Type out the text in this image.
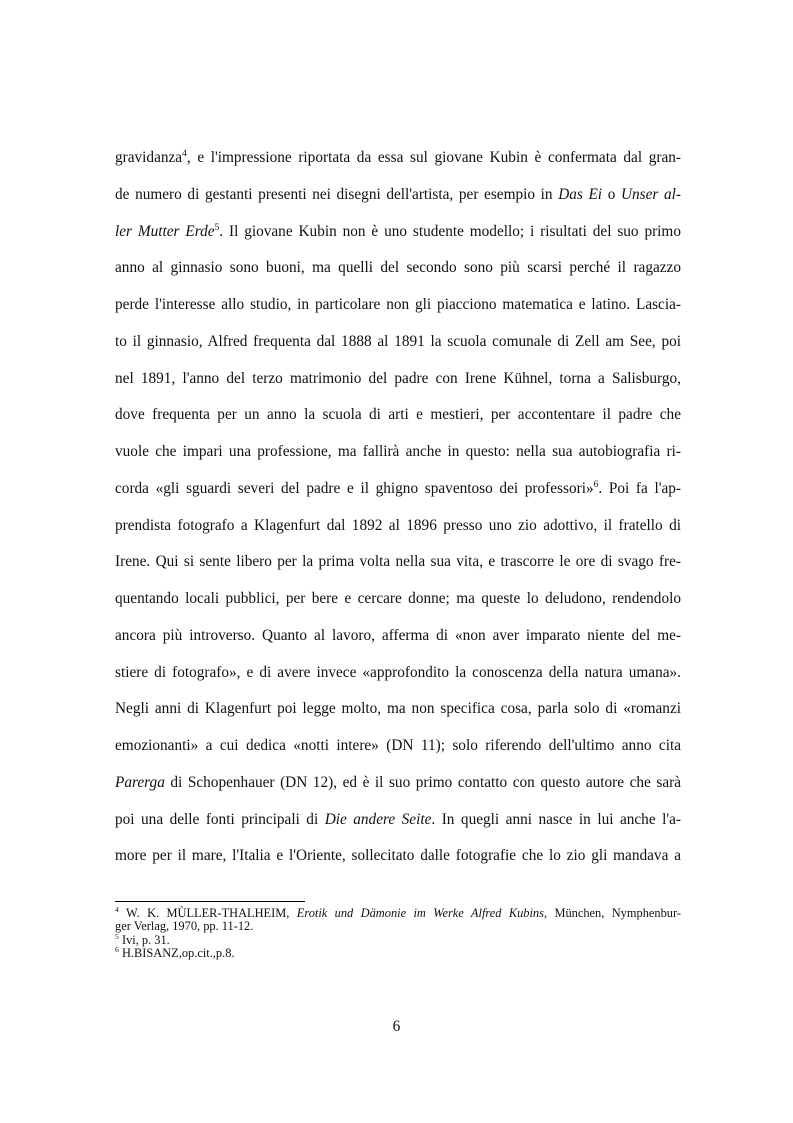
gravidanza$^4$, e l'impressione riportata da essa sul giovane Kubin è confermata dal gran-
de numero di gestanti presenti nei disegni dell'artista, per esempio in Das Ei o Unser al-
ler Mutter Erde$^5$. Il giovane Kubin non è uno studente modello; i risultati del suo primo
anno al ginnasio sono buoni, ma quelli del secondo sono più scarsi perché il ragazzo
perde l'interesse allo studio, in particolare non gli piacciono matematica e latino. Lascia-
to il ginnasio, Alfred frequenta dal 1888 al 1891 la scuola comunale di Zell am See, poi
nel 1891, l'anno del terzo matrimonio del padre con Irene Kühnel, torna a Salisburgo,
dove frequenta per un anno la scuola di arti e mestieri, per accontentare il padre che
vuole che impari una professione, ma fallirà anche in questo: nella sua autobiografia ri-
corda «gli sguardi severi del padre e il ghigno spaventoso dei professori»$^6$. Poi fa l'ap-
prendista fotografo a Klagenfurt dal 1892 al 1896 presso uno zio adottivo, il fratello di
Irene. Qui si sente libero per la prima volta nella sua vita, e trascorre le ore di svago fre-
quentando locali pubblici, per bere e cercare donne; ma queste lo deludono, rendendolo
ancora più introverso. Quanto al lavoro, afferma di «non aver imparato niente del me-
stiere di fotografo», e di avere invece «approfondito la conoscenza della natura umana».
Negli anni di Klagenfurt poi legge molto, ma non specifica cosa, parla solo di «romanzi
emozionanti» a cui dedica «notti intere» (DN 11); solo riferendo dell'ultimo anno cita
Parerga di Schopenhauer (DN 12), ed è il suo primo contatto con questo autore che sarà
poi una delle fonti principali di Die andere Seite. In quegli anni nasce in lui anche l'a-
more per il mare, l'Italia e l'Oriente, sollecitato dalle fotografie che lo zio gli mandava a
$^4$ W. K. MÙLLER-THALHEIM, Erotik und Dämonie im Werke Alfred Kubins, München, Nymphenbur-
ger Verlag, 1970, pp. 11-12.
$^5$ Ivi, p. 31.
$^6$ H.BISANZ,op.cit.,p.8.
6
